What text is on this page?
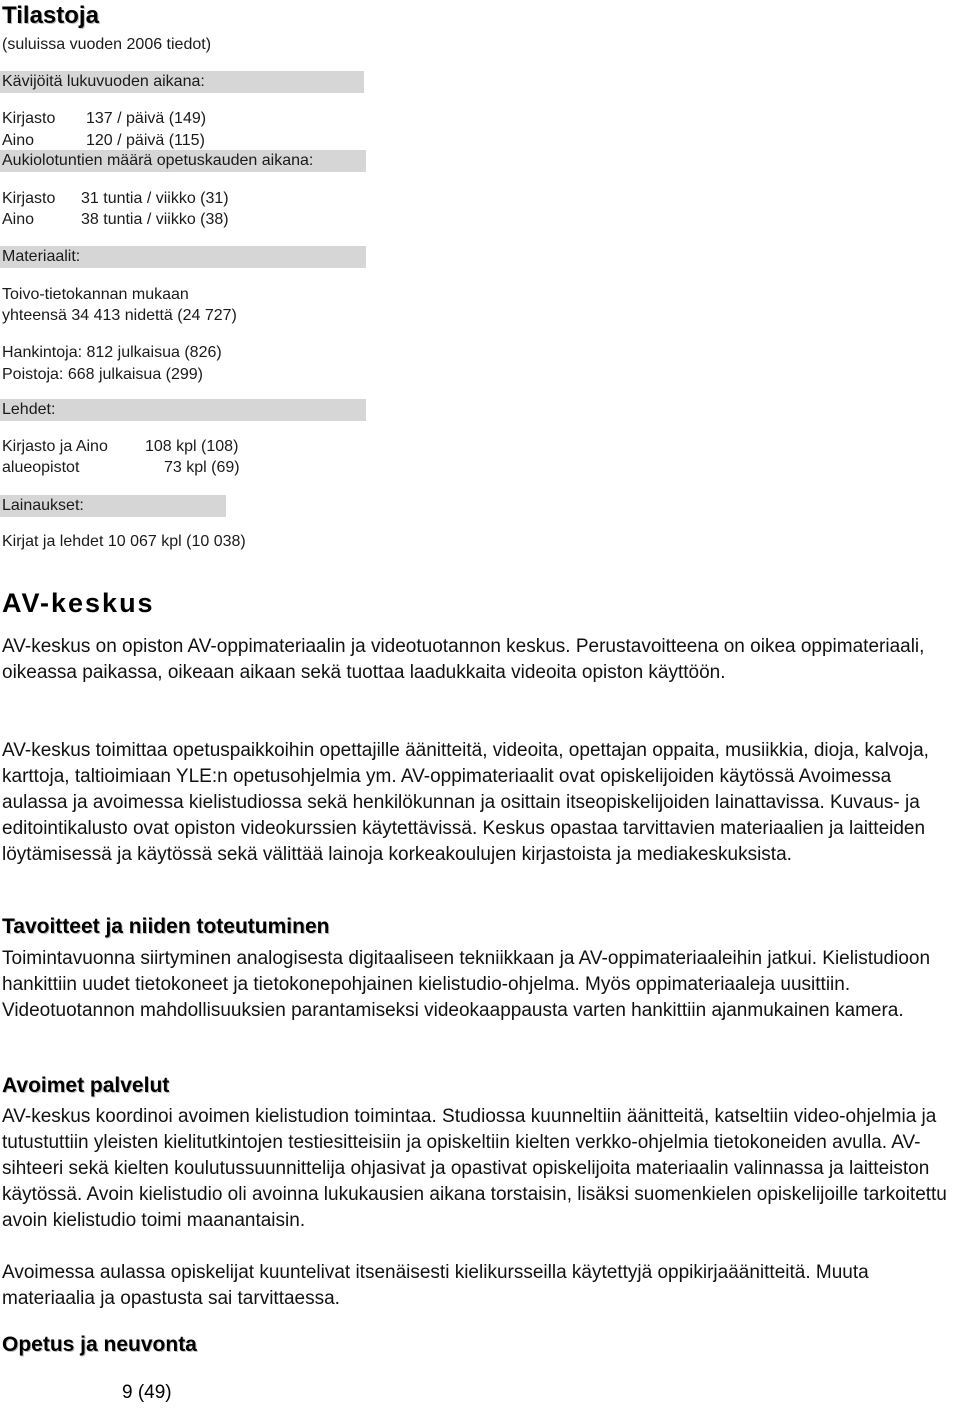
Tilastoja
(suluissa vuoden 2006 tiedot)
Kävijöitä lukuvuoden aikana:
Kirjasto 137 / päivä (149)
Aino	120 / päivä (115)
Aukiolotuntien määrä opetuskauden aikana:
Kirjasto 31 tuntia / viikko (31)
Aino	38 tuntia / viikko (38)
Materiaalit:
Toivo-tietokannan mukaan
yhteensä 34 413 nidettä (24 727)
Hankintoja: 812 julkaisua (826)
Poistoja: 668 julkaisua (299)
Lehdet:
Kirjasto ja Aino 108 kpl (108)
alueopistot	73 kpl (69)
Lainaukset:
Kirjat ja lehdet 10 067 kpl (10 038)
AV-keskus

AV-keskus on opiston AV-oppimateriaalin ja videotuotannon keskus. Perustavoitteena on oikea oppimateriaali, oikeassa paikassa, oikeaan aikaan sekä tuottaa laadukkaita videoita opiston käyttöön.

AV-keskus toimittaa opetuspaikkoihin opettajille äänitteitä, videoita, opettajan oppaita, musiikkia, dioja, kalvoja, karttoja, taltioimiaan YLE:n opetusohjelmia ym. AV-oppimateriaalit ovat opiskelijoiden käytössä Avoimessa aulassa ja avoimessa kielistudiossa sekä henkilökunnan ja osittain itseopiskelijoiden lainattavissa. Kuvaus- ja editointikalusto ovat opiston videokurssien käytettävissä. Keskus opastaa tarvittavien materiaalien ja laitteiden löytämisessä ja käytössä sekä välittää lainoja korkeakoulujen kirjastoista ja mediakeskuksista.

Tavoitteet ja niiden toteutuminen

Toimintavuonna siirtyminen analogisesta digitaaliseen tekniikkaan ja AV-oppimateriaaleihin jatkui. Kielistudioon hankittiin uudet tietokoneet ja tietokonepohjainen kielistudio-ohjelma. Myös oppimateriaaleja uusittiin. Videotuotannon mahdollisuuksien parantamiseksi videokaappausta varten hankittiin ajanmukainen kamera.

Avoimet palvelut

AV-keskus koordinoi avoimen kielistudion toimintaa. Studiossa kuunneltiin äänitteitä, katseltiin video-ohjelmia ja tutustuttiin yleisten kielitutkintojen testiesitteisiin ja opiskeltiin kielten verkko-ohjelmia tietokoneiden avulla. AV-sihteeri sekä kielten koulutussuunnittelija ohjasivat ja opastivat opiskelijoita materiaalin valinnassa ja laitteiston käytössä. Avoin kielistudio oli avoinna lukukausien aikana torstaisin, lisäksi suomenkielen opiskelijoille tarkoitettu avoin kielistudio toimi maanantaisin.

Avoimessa aulassa opiskelijat kuuntelivat itsenäisesti kielikursseilla käytettyjä oppikirjaäänitteitä. Muuta materiaalia ja opastusta sai tarvittaessa.

Opetus ja neuvonta
9 (49)
